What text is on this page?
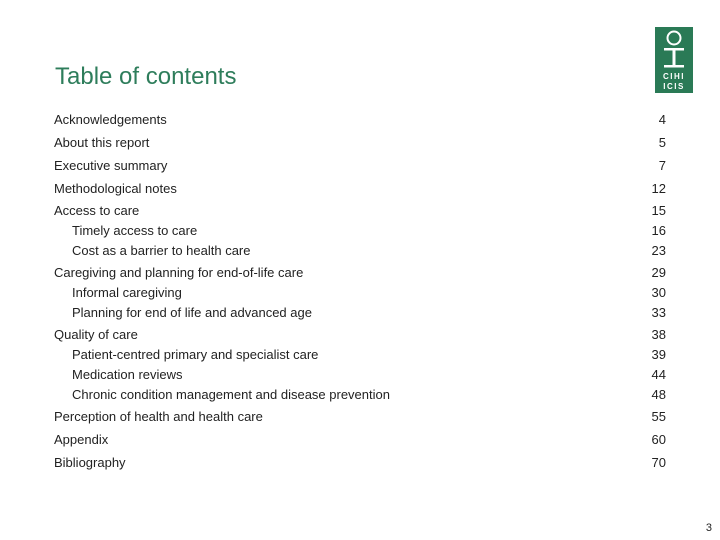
Table of contents	CIHI
ICIS
Acknowledgements	4
About this report	5
Executive summary	7
Methodological notes	12
Access to care	15
Timely access to care	16
Cost as a barrier to health care	23
Caregiving and planning for end-of-life care	29
Informal caregiving	30
Planning for end of life and advanced age	33
Quality of care	38
Patient-centred primary and specialist care	39
Medication reviews	44
Chronic condition management and disease prevention	48
Perception of health and health care	55
Appendix	60
Bibliography	70
3
